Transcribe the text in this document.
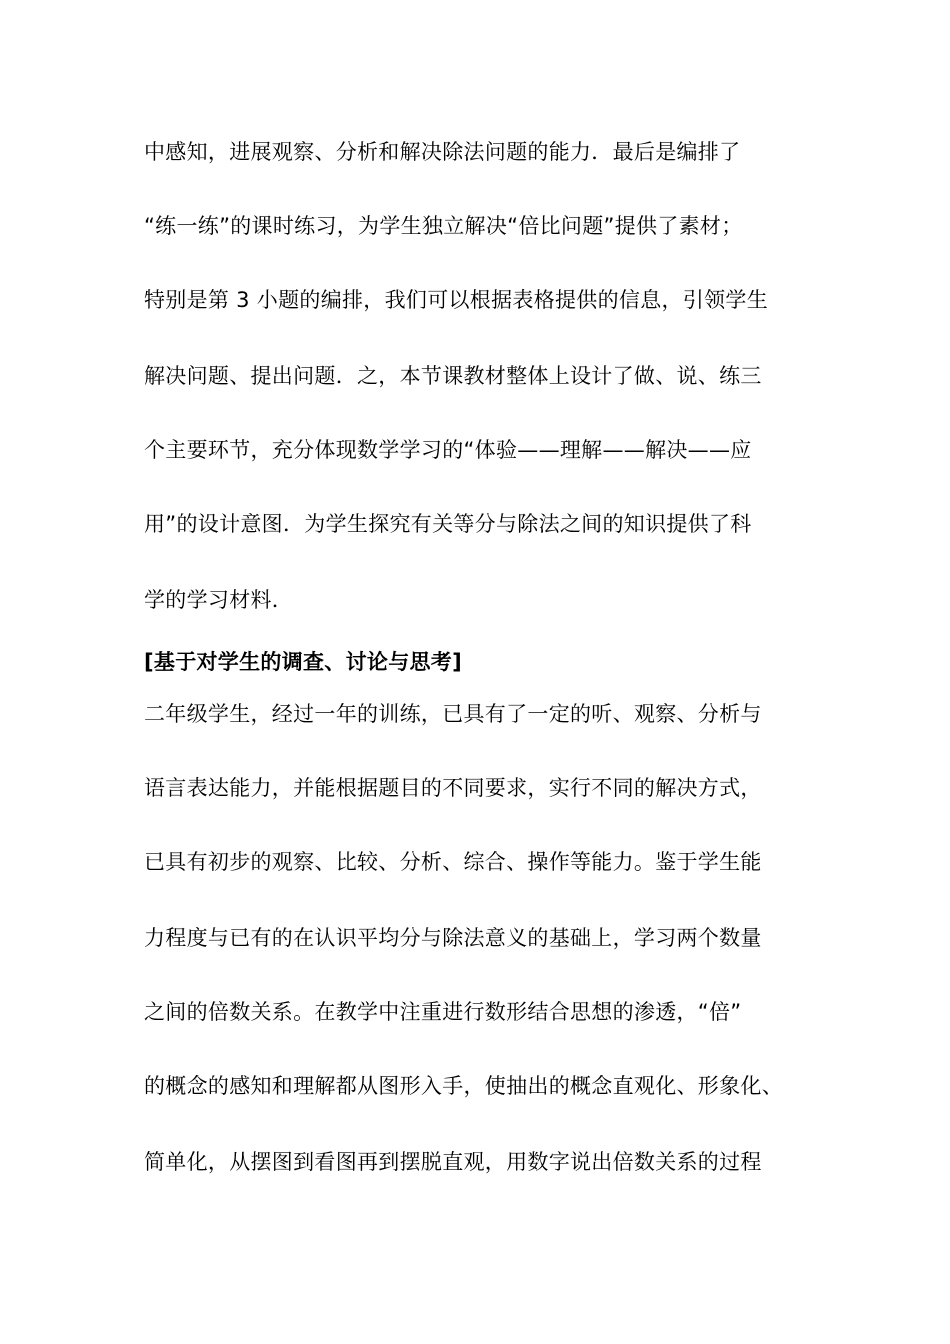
中感知，进展观察、分析和解决除法问题的能力．最后是编排了
“练一练”的课时练习，为学生独立解决“倍比问题”提供了素材；
特别是第 3 小题的编排，我们可以根据表格提供的信息，引领学生
解决问题、提出问题．之，本节课教材整体上设计了做、说、练三
个主要环节，充分体现数学学习的“体验——理解——解决——应
用”的设计意图．为学生探究有关等分与除法之间的知识提供了科
学的学习材料．
[基于对学生的调查、讨论与思考]
二年级学生，经过一年的训练，已具有了一定的听、观察、分析与
语言表达能力，并能根据题目的不同要求，实行不同的解决方式，
已具有初步的观察、比较、分析、综合、操作等能力。鉴于学生能
力程度与已有的在认识平均分与除法意义的基础上，学习两个数量
之间的倍数关系。在教学中注重进行数形结合思想的渗透，“倍”
的概念的感知和理解都从图形入手，使抽出的概念直观化、形象化、
简单化，从摆图到看图再到摆脱直观，用数字说出倍数关系的过程
